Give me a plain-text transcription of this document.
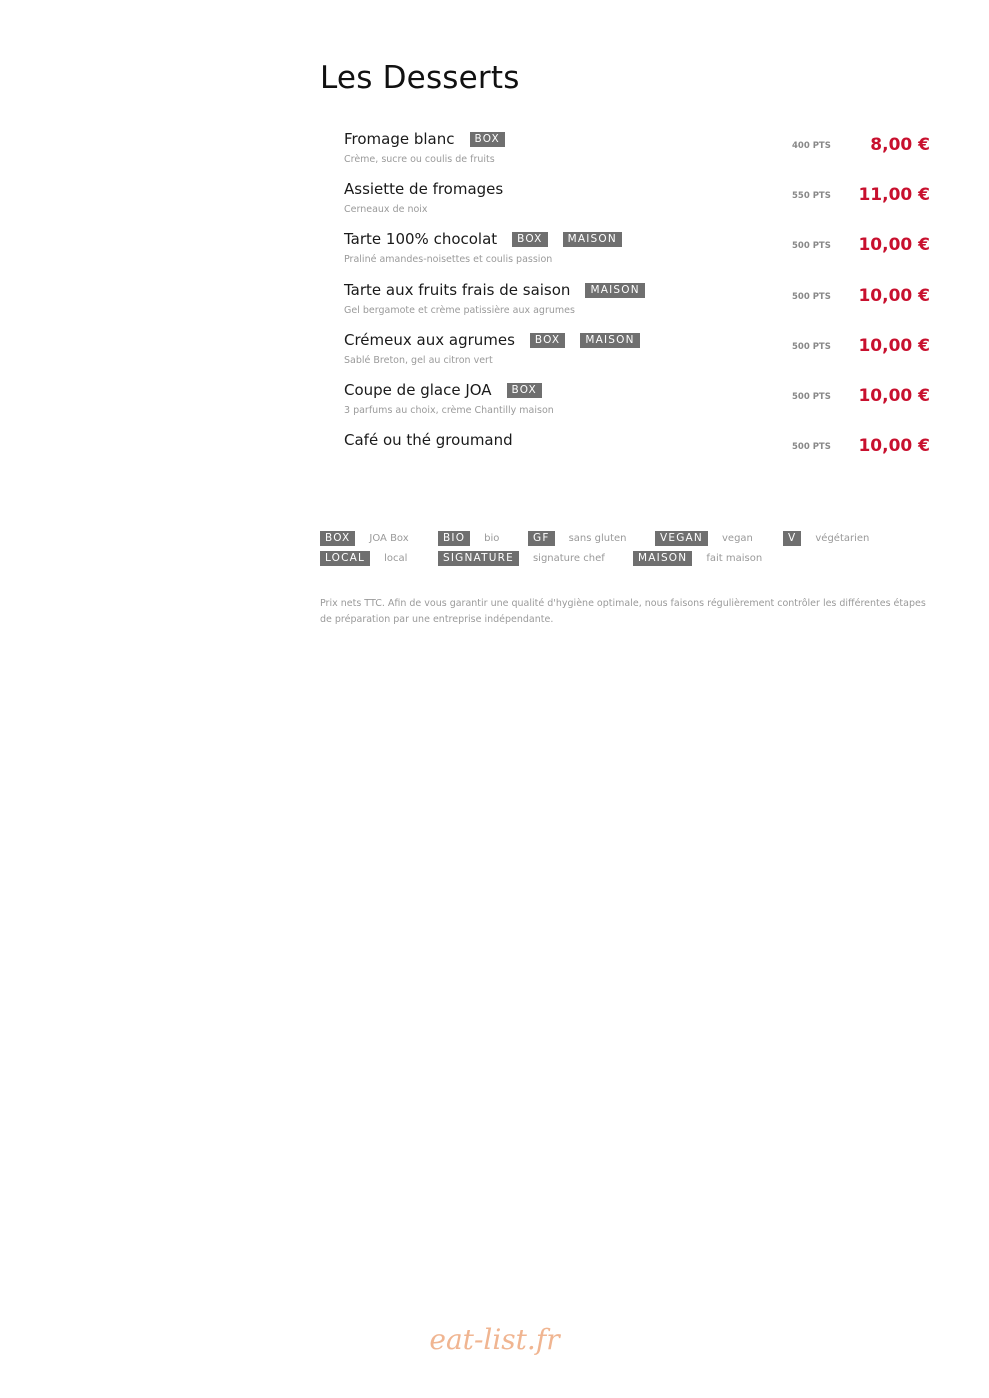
Les Desserts
Fromage blanc	BOX
Crème, sucre ou coulis de fruits
400 PTS	8,00 €
Assiette de fromages
Cerneaux de noix
550 PTS	11,00 €
Tarte 100% chocolat	BOX	MAISON
Praliné amandes-noisettes et coulis passion
500 PTS	10,00 €
Tarte aux fruits frais de saison	MAISON
Gel bergamote et crème patissière aux agrumes
500 PTS	10,00 €
Crémeux aux agrumes	BOX	MAISON
Sablé Breton, gel au citron vert
500 PTS	10,00 €
Coupe de glace JOA	BOX
3 parfums au choix, crème Chantilly maison
500 PTS	10,00 €
Café ou thé groumand	500 PTS	10,00 €
BOX	JOA Box	BIO	bio	GF	sans gluten	VEGAN	vegan	V	végétarien
LOCAL	local	SIGNATURE	signature chef	MAISON	fait maison

Prix nets TTC. Afin de vous garantir une qualité d'hygiène optimale, nous faisons régulièrement contrôler les différentes étapes de préparation par une entreprise indépendante.

eat-list.fr
